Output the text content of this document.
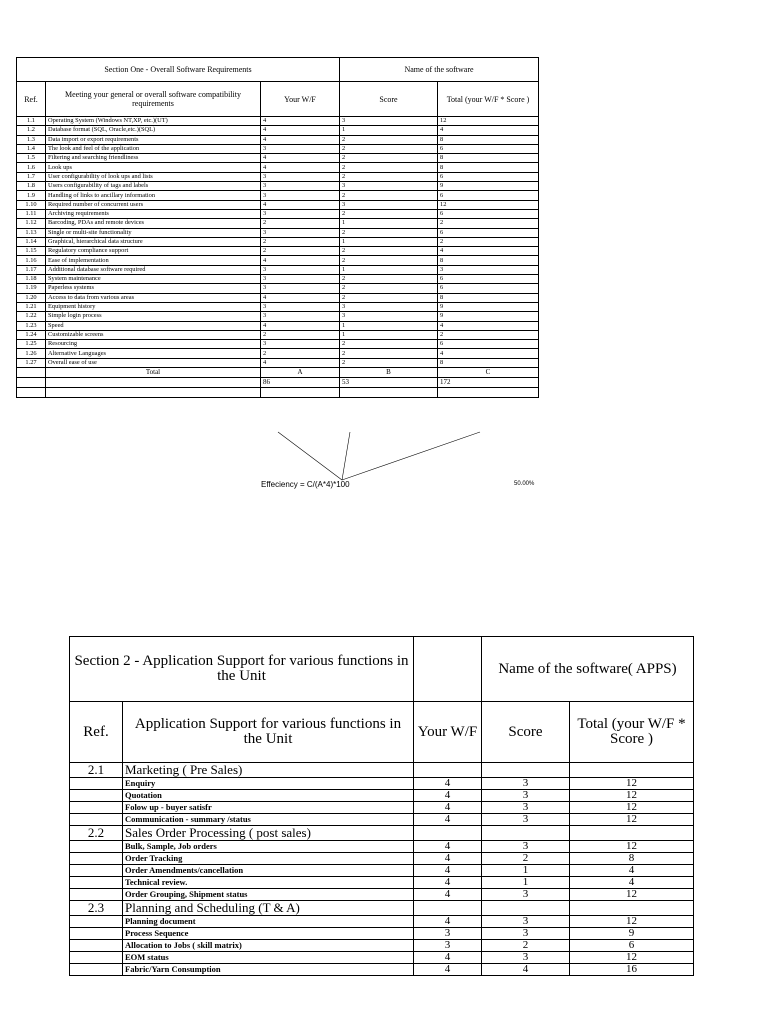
Section One - Overall Software Requirements			Name of the software	
Ref.	Meeting your general or overall software compatibility requirements	Your W/F	Score	Total (your W/F * Score )
1.1	Operating System (Windows NT,XP, etc.)(UT)	4	3	12
1.2	Database format (SQL, Oracle,etc.)(SQL)	4	1	4
1.3	Data import or export requirements	4	2	8
1.4	The look and feel of the application	3	2	6
1.5	Filtering and searching friendliness	4	2	8
1.6	Look ups	4	2	8
1.7	User configurability of look ups and lists	3	2	6
1.8	Users configurability of tags and labels	3	3	9
1.9	Handling of links to ancillary information	3	2	6
1.10	Required number of concurrent users	4	3	12
1.11	Archiving requirements	3	2	6
1.12	Barcoding, PDAs and remote devices	2	1	2
1.13	Single or multi-site functionality	3	2	6
1.14	Graphical, hierarchical data structure	2	1	2
1.15	Regulatory compliance support	2	2	4
1.16	Ease of implementation	4	2	8
1.17	Additional database software required	3	1	3
1.18	System maintenance	3	2	6
1.19	Paperless systems	3	2	6
1.20	Access to data from various areas	4	2	8
1.21	Equipment history	3	3	9
1.22	Simple login process	3	3	9
1.23	Speed	4	1	4
1.24	Customizable screens	2	1	2
1.25	Resourcing	3	2	6
1.26	Alternative Languages	2	2	4
1.27	Overall ease of use	4	2	8
	Total	A	B	C
		86	53	172

Effeciency = C/(A*4)*100	50.00%
Section 2 - Application Support for various functions in the Unit			Name of the software( APPS)	
Ref.	Application Support for various functions in the Unit	Your W/F	Score	Total (your W/F * Score )
2.1	Marketing ( Pre Sales)			
	Enquiry	4	3	12
	Quotation	4	3	12
	Folow up - buyer satisfr	4	3	12
	Communication - summary /status	4	3	12
2.2	Sales Order Processing ( post sales)			
	Bulk, Sample, Job orders	4	3	12
	Order Tracking	4	2	8
	Order Amendments/cancellation	4	1	4
	Technical review.	4	1	4
	Order Grouping, Shipment status	4	3	12
2.3	Planning and Scheduling (T & A)			
	Planning document	4	3	12
	Process Sequence	3	3	9
	Allocation to Jobs ( skill matrix)	3	2	6
	EOM status	4	3	12
	Fabric/Yarn Consumption	4	4	16
